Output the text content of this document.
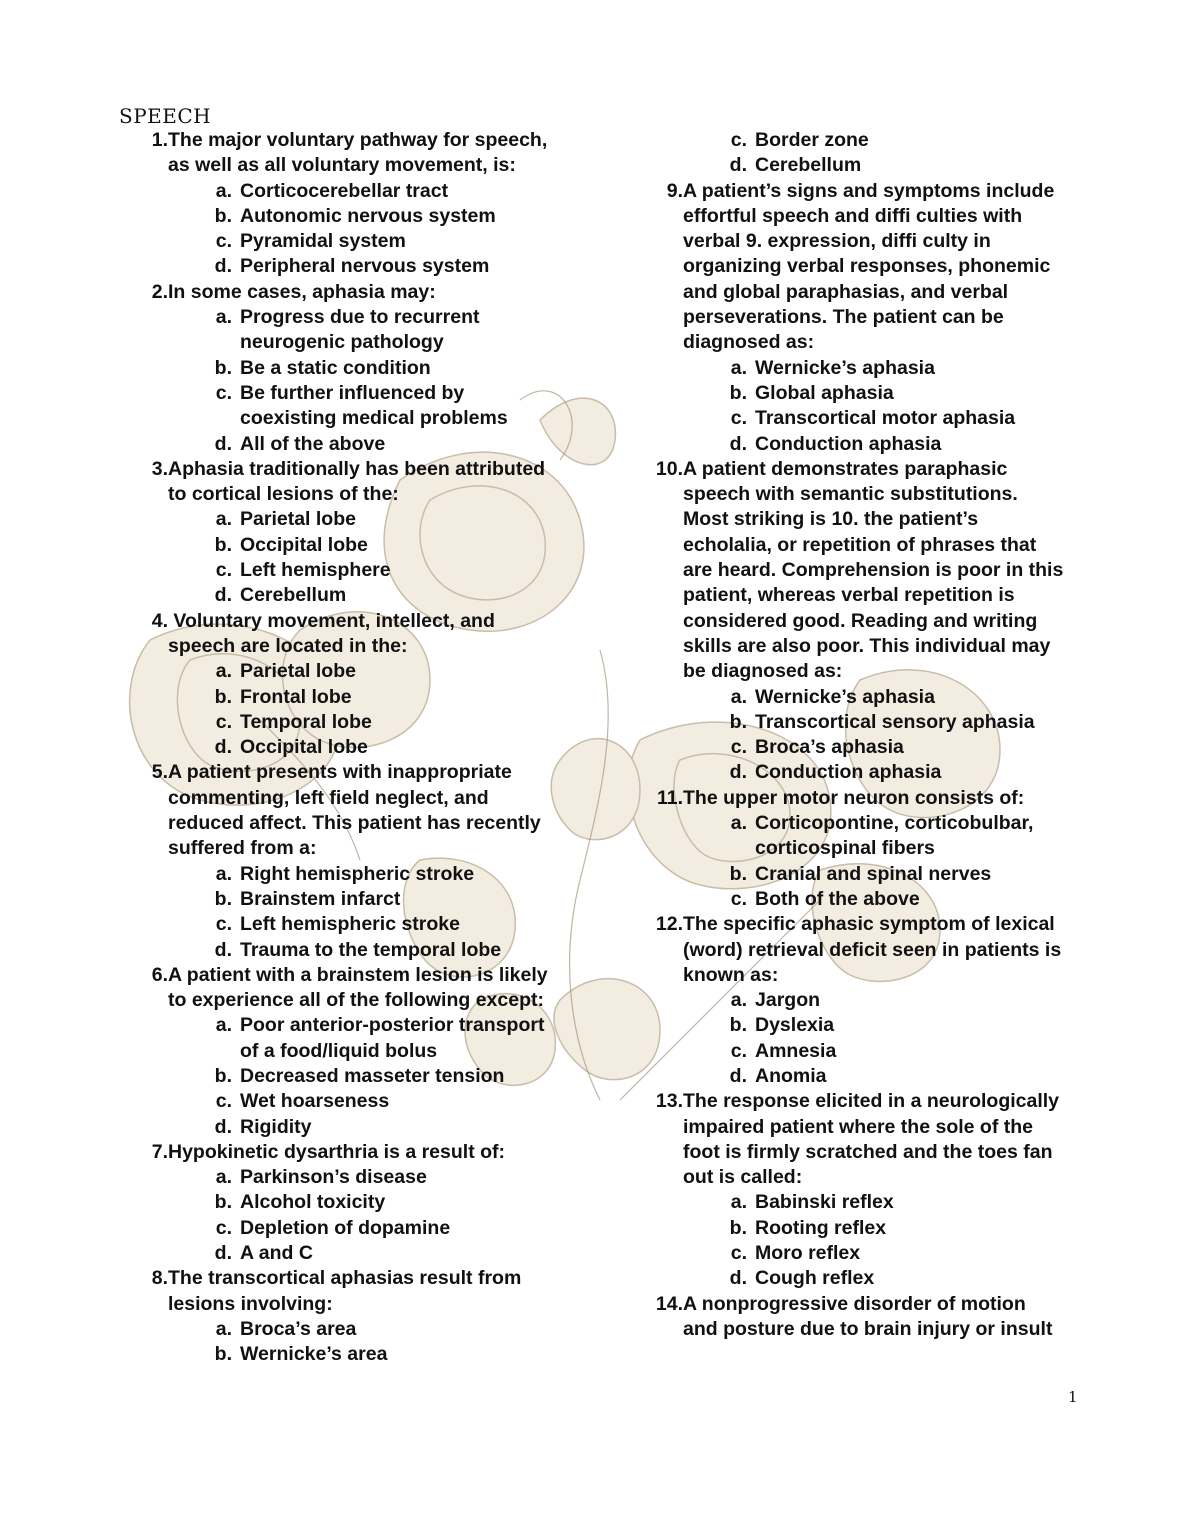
SPEECH
1. The major voluntary pathway for speech,
as well as all voluntary movement, is:
a. Corticocerebellar tract
b. Autonomic nervous system
c. Pyramidal system
d. Peripheral nervous system
2. In some cases, aphasia may:
a. Progress due to recurrent
neurogenic pathology
b. Be a static condition
c. Be further influenced by
coexisting medical problems
d. All of the above
3. Aphasia traditionally has been attributed
to cortical lesions of the:
a. Parietal lobe
b. Occipital lobe
c. Left hemisphere
d. Cerebellum
4. Voluntary movement, intellect, and
speech are located in the:
a. Parietal lobe
b. Frontal lobe
c. Temporal lobe
d. Occipital lobe
5. A patient presents with inappropriate
commenting, left field neglect, and
reduced affect. This patient has recently
suffered from a:
a. Right hemispheric stroke
b. Brainstem infarct
c. Left hemispheric stroke
d. Trauma to the temporal lobe
6. A patient with a brainstem lesion is likely
to experience all of the following except:
a. Poor anterior-posterior transport
of a food/liquid bolus
b. Decreased masseter tension
c. Wet hoarseness
d. Rigidity
7. Hypokinetic dysarthria is a result of:
a. Parkinson’s disease
b. Alcohol toxicity
c. Depletion of dopamine
d. A and C
8. The transcortical aphasias result from
lesions involving:
a. Broca’s area
b. Wernicke’s area
c. Border zone
d. Cerebellum
9. A patient’s signs and symptoms include
effortful speech and diffi culties with
verbal 9. expression, diffi culty in
organizing verbal responses, phonemic
and global paraphasias, and verbal
perseverations. The patient can be
diagnosed as:
a. Wernicke’s aphasia
b. Global aphasia
c. Transcortical motor aphasia
d. Conduction aphasia
10. A patient demonstrates paraphasic
speech with semantic substitutions.
Most striking is 10. the patient’s
echolalia, or repetition of phrases that
are heard. Comprehension is poor in this
patient, whereas verbal repetition is
considered good. Reading and writing
skills are also poor. This individual may
be diagnosed as:
a. Wernicke’s aphasia
b. Transcortical sensory aphasia
c. Broca’s aphasia
d. Conduction aphasia
11. The upper motor neuron consists of:
a. Corticopontine, corticobulbar,
corticospinal fibers
b. Cranial and spinal nerves
c. Both of the above
12. The specific aphasic symptom of lexical
(word) retrieval deficit seen in patients is
known as:
a. Jargon
b. Dyslexia
c. Amnesia
d. Anomia
13. The response elicited in a neurologically
impaired patient where the sole of the
foot is firmly scratched and the toes fan
out is called:
a. Babinski reflex
b. Rooting reflex
c. Moro reflex
d. Cough reflex
14. A nonprogressive disorder of motion
and posture due to brain injury or insult
1
